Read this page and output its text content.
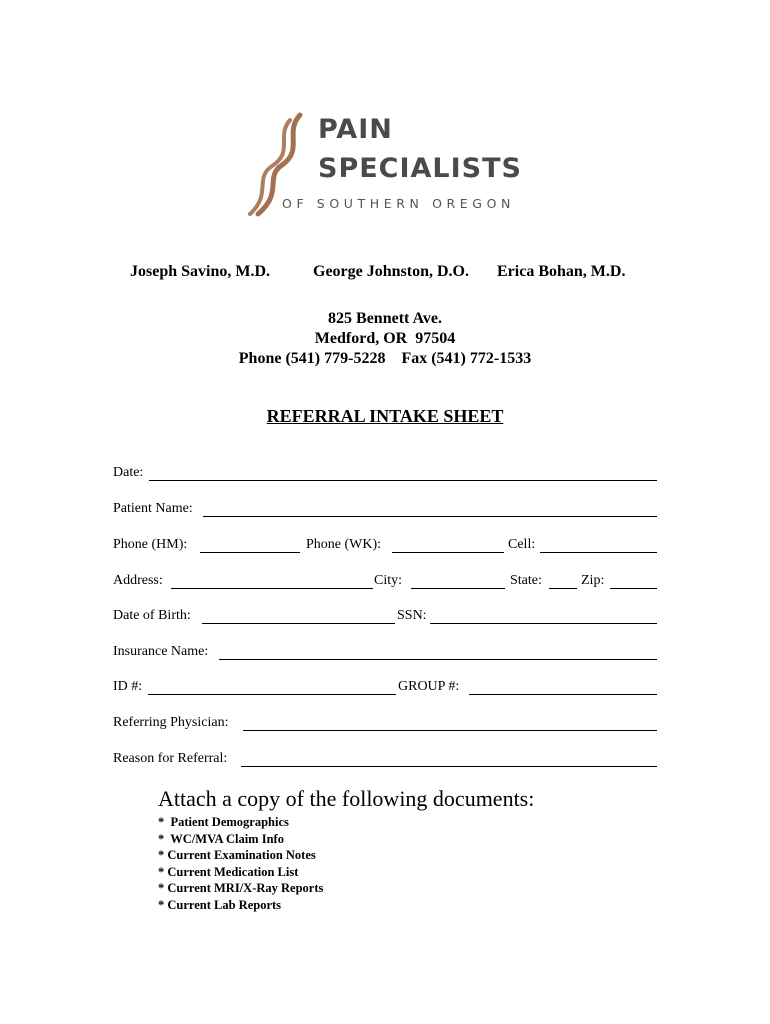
PAIN
SPECIALISTS
OF SOUTHERN OREGON
Joseph Savino, M.D.	George Johnston, D.O. Erica Bohan, M.D.
825 Bennett Ave.
Medford, OR  97504
Phone (541) 779-5228    Fax (541) 772-1533
REFERRAL INTAKE SHEET
Date:
Patient Name:
Phone (HM):	Phone (WK):	Cell:
Address:	City:	State:	Zip:
Date of Birth:	SSN:
Insurance Name:
ID #:	GROUP #:
Referring Physician:
Reason for Referral:
Attach a copy of the following documents:
*  Patient Demographics
*  WC/MVA Claim Info
* Current Examination Notes
* Current Medication List
* Current MRI/X-Ray Reports
* Current Lab Reports
